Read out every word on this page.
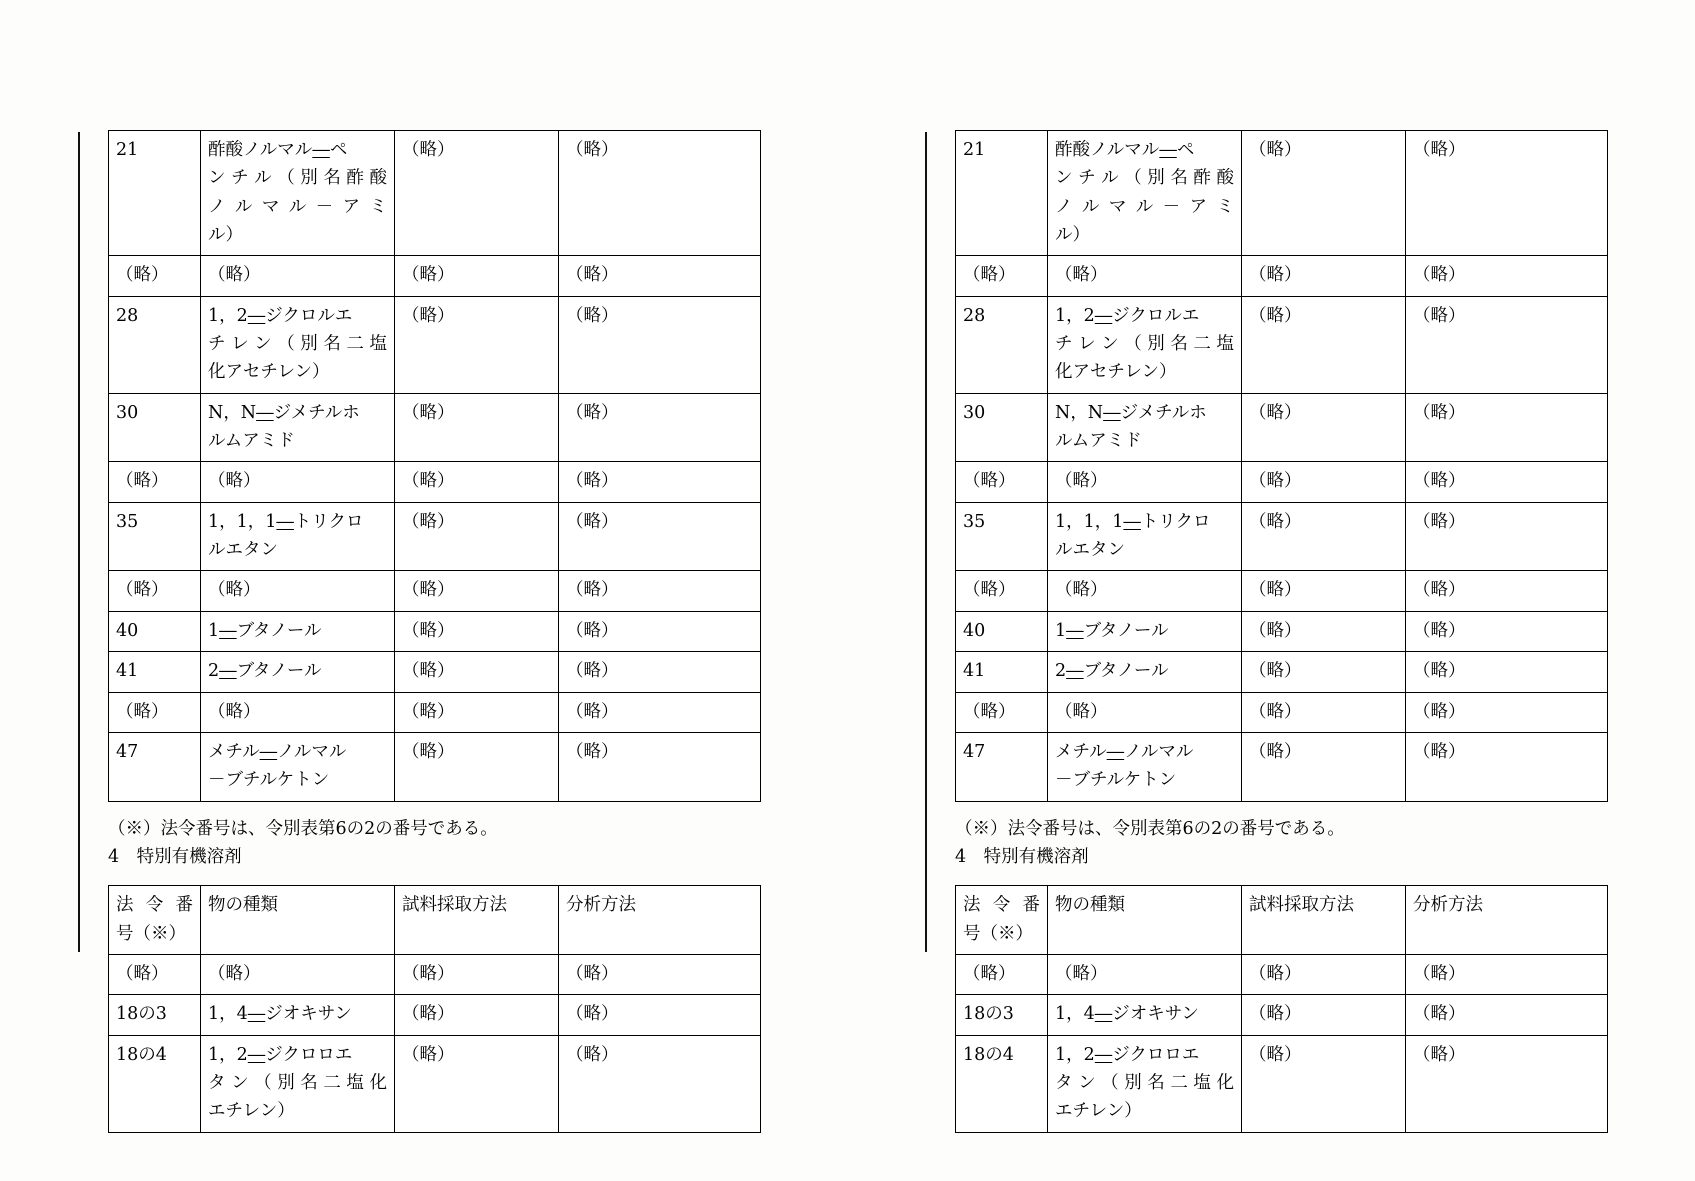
21	酢酸ノルマル―ペ
ン チ ル （ 別 名 酢 酸
ノ ル マ ル － ア ミ
ル）
	（略）	（略）
（略）	（略）	（略）	（略）
28	1，2―ジクロルエ
チ レ ン （ 別 名 二 塩
化アセチレン）
	（略）	（略）
30	N，N―ジメチルホ
ルムアミド	（略）	（略）
（略）	（略）	（略）	（略）
35	1，1，1―トリクロ
ルエタン	（略）	（略）
（略）	（略）	（略）	（略）
40	1―ブタノール	（略）	（略）
41	2―ブタノール	（略）	（略）
（略）	（略）	（略）	（略）
47	メチル―ノルマル
－ブチルケトン	（略）	（略）
（※）法令番号は、令別表第6の2の番号である。
4　特別有機溶剤
法 令 番
号（※）	物の種類	試料採取方法	分析方法
（略）	（略）	（略）	（略）
18の3	1，4―ジオキサン	（略）	（略）
18の4	1，2―ジクロロエ
タ ン （ 別 名 二 塩 化
エチレン）
	（略）	（略）
21	酢酸ノルマル―ペ
ン チ ル （ 別 名 酢 酸
ノ ル マ ル － ア ミ
ル）
	（略）	（略）
（略）	（略）	（略）	（略）
28	1，2―ジクロルエ
チ レ ン （ 別 名 二 塩
化アセチレン）
	（略）	（略）
30	N，N―ジメチルホ
ルムアミド	（略）	（略）
（略）	（略）	（略）	（略）
35	1，1，1―トリクロ
ルエタン	（略）	（略）
（略）	（略）	（略）	（略）
40	1―ブタノール	（略）	（略）
41	2―ブタノール	（略）	（略）
（略）	（略）	（略）	（略）
47	メチル―ノルマル
－ブチルケトン	（略）	（略）
（※）法令番号は、令別表第6の2の番号である。
4　特別有機溶剤
法 令 番
号（※）	物の種類	試料採取方法	分析方法
（略）	（略）	（略）	（略）
18の3	1，4―ジオキサン	（略）	（略）
18の4	1，2―ジクロロエ
タ ン （ 別 名 二 塩 化
エチレン）
	（略）	（略）
